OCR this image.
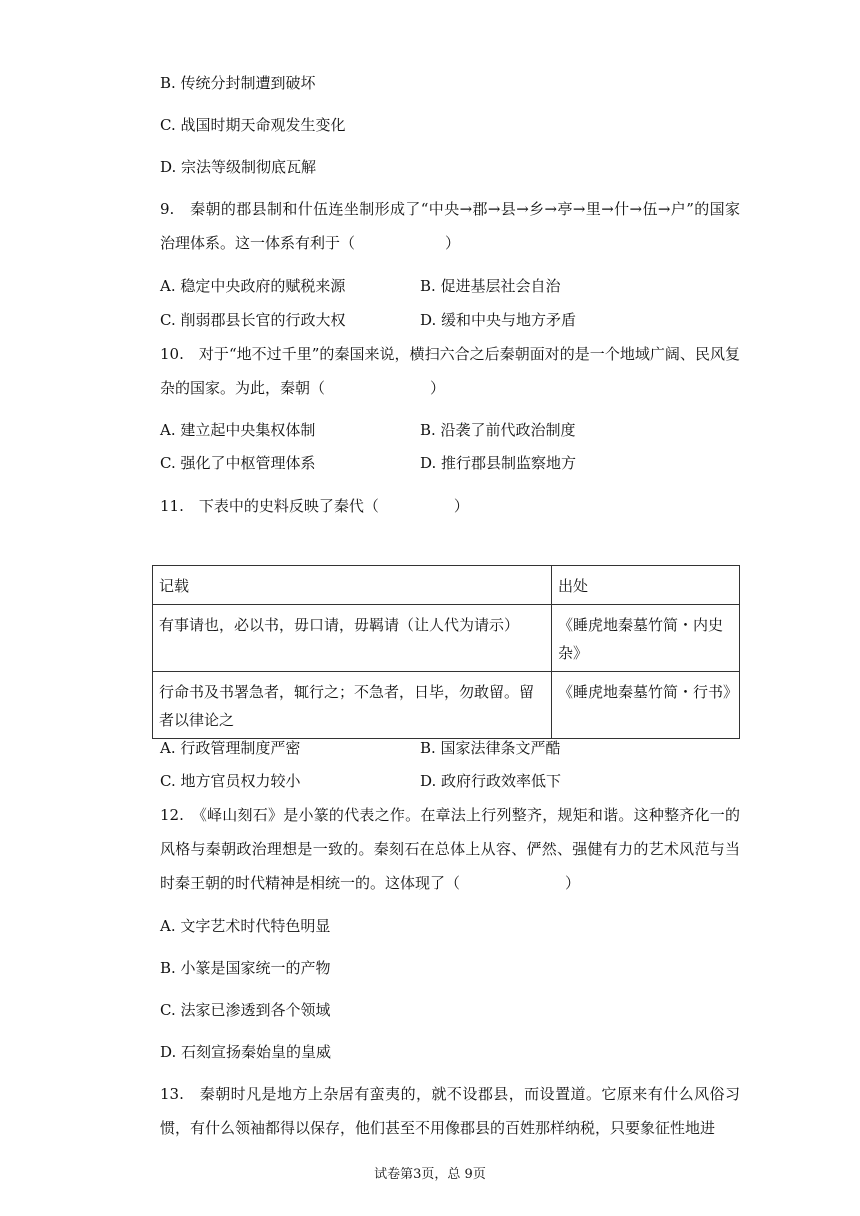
B. 传统分封制遭到破坏
C. 战国时期天命观发生变化
D. 宗法等级制彻底瓦解
9.　秦朝的郡县制和什伍连坐制形成了“中央→郡→县→乡→亭→里→什→伍→户”的国家治理体系。这一体系有利于（　　　　　　）
A. 稳定中央政府的赋税来源	B. 促进基层社会自治
C. 削弱郡县长官的行政大权	D. 缓和中央与地方矛盾
10.　对于“地不过千里”的秦国来说，横扫六合之后秦朝面对的是一个地域广阔、民风复杂的国家。为此，秦朝（　　　　　　　）
A. 建立起中央集权体制	B. 沿袭了前代政治制度
C. 强化了中枢管理体系	D. 推行郡县制监察地方
11.　下表中的史料反映了秦代（　　　　　）
记载	出处
有事请也，必以书，毋口请，毋羁请（让人代为请示）	《睡虎地秦墓竹简・内史杂》
行命书及书署急者，辄行之；不急者，日毕，勿敢留。留者以律论之	《睡虎地秦墓竹简・行书》
A. 行政管理制度严密	B. 国家法律条文严酷
C. 地方官员权力较小	D. 政府行政效率低下
12.　《峄山刻石》是小篆的代表之作。在章法上行列整齐，规矩和谐。这种整齐化一的风格与秦朝政治理想是一致的。秦刻石在总体上从容、俨然、强健有力的艺术风范与当时秦王朝的时代精神是相统一的。这体现了（　　　　　　　）
A. 文字艺术时代特色明显
B. 小篆是国家统一的产物
C. 法家已渗透到各个领域
D. 石刻宣扬秦始皇的皇威
13.　秦朝时凡是地方上杂居有蛮夷的，就不设郡县，而设置道。它原来有什么风俗习惯，有什么领袖都得以保存，他们甚至不用像郡县的百姓那样纳税，只要象征性地进
试卷第3页，总 9页
